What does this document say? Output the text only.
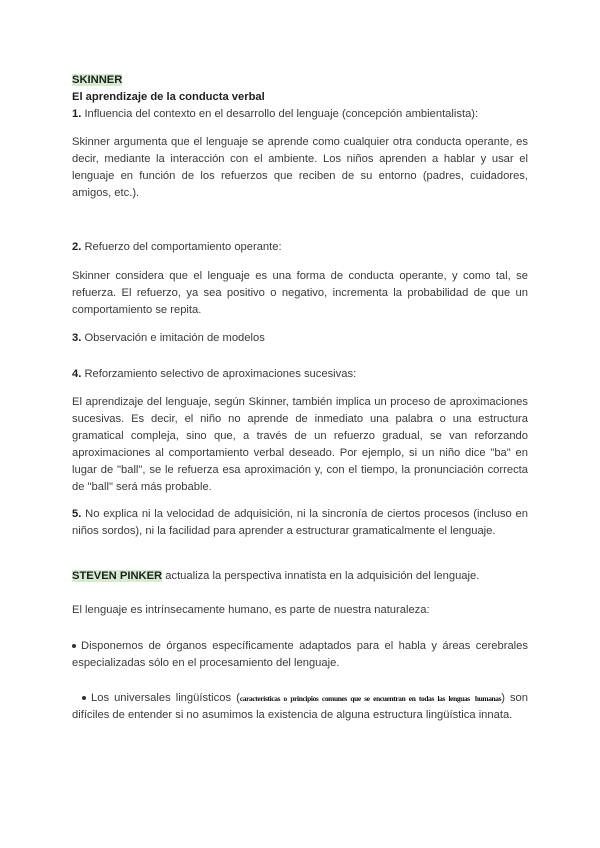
SKINNER

El aprendizaje de la conducta verbal

1. Influencia del contexto en el desarrollo del lenguaje (concepción ambientalista):

Skinner argumenta que el lenguaje se aprende como cualquier otra conducta operante, es decir, mediante la interacción con el ambiente. Los niños aprenden a hablar y usar el lenguaje en función de los refuerzos que reciben de su entorno (padres, cuidadores, amigos, etc.).

2. Refuerzo del comportamiento operante:

Skinner considera que el lenguaje es una forma de conducta operante, y como tal, se refuerza. El refuerzo, ya sea positivo o negativo, incrementa la probabilidad de que un comportamiento se repita.

3. Observación e imitación de modelos

4. Reforzamiento selectivo de aproximaciones sucesivas:

El aprendizaje del lenguaje, según Skinner, también implica un proceso de aproximaciones sucesivas. Es decir, el niño no aprende de inmediato una palabra o una estructura gramatical compleja, sino que, a través de un refuerzo gradual, se van reforzando aproximaciones al comportamiento verbal deseado. Por ejemplo, si un niño dice "ba" en lugar de "ball", se le refuerza esa aproximación y, con el tiempo, la pronunciación correcta de "ball" será más probable.

5. No explica ni la velocidad de adquisición, ni la sincronía de ciertos procesos (incluso en niños sordos), ni la facilidad para aprender a estructurar gramaticalmente el lenguaje.

STEVEN PINKER actualiza la perspectiva innatista en la adquisición del lenguaje.

El lenguaje es intrínsecamente humano, es parte de nuestra naturaleza:

Disponemos de órganos específicamente adaptados para el habla y áreas cerebrales especializadas sólo en el procesamiento del lenguaje.

Los universales lingüísticos (características o principios comunes que se encuentran en todas las lenguas humanas) son difíciles de entender si no asumimos la existencia de alguna estructura lingüística innata.
